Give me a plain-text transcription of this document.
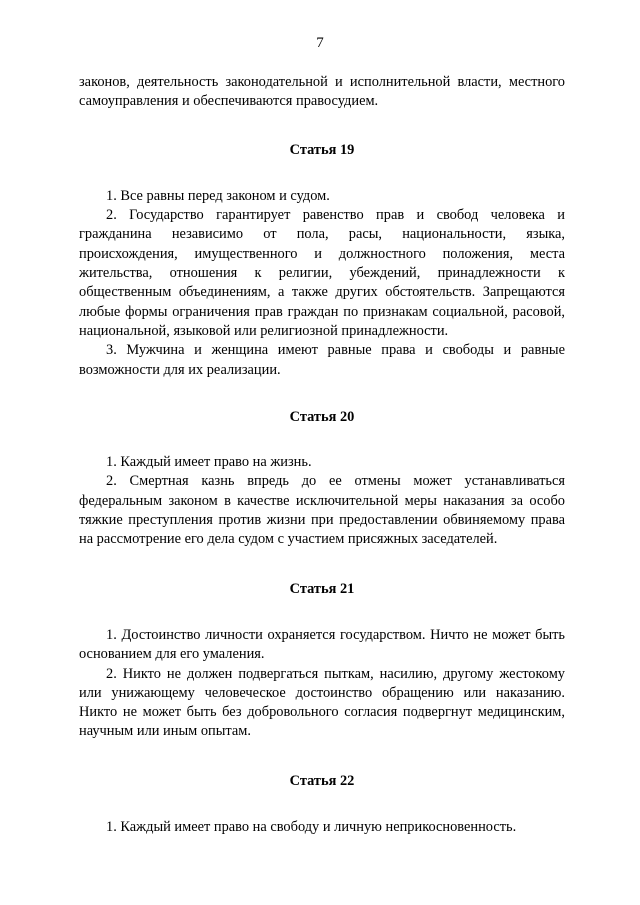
7

законов, деятельность законодательной и исполнительной власти, местного самоуправления и обеспечиваются правосудием.

Статья 19

1. Все равны перед законом и судом.

2. Государство гарантирует равенство прав и свобод человека и гражданина независимо от пола, расы, национальности, языка, происхождения, имущественного и должностного положения, места жительства, отношения к религии, убеждений, принадлежности к общественным объединениям, а также других обстоятельств. Запрещаются любые формы ограничения прав граждан по признакам социальной, расовой, национальной, языковой или религиозной принадлежности.

3. Мужчина и женщина имеют равные права и свободы и равные возможности для их реализации.

Статья 20

1. Каждый имеет право на жизнь.

2. Смертная казнь впредь до ее отмены может устанавливаться федеральным законом в качестве исключительной меры наказания за особо тяжкие преступления против жизни при предоставлении обвиняемому права на рассмотрение его дела судом с участием присяжных заседателей.

Статья 21

1. Достоинство личности охраняется государством. Ничто не может быть основанием для его умаления.

2. Никто не должен подвергаться пыткам, насилию, другому жестокому или унижающему человеческое достоинство обращению или наказанию. Никто не может быть без добровольного согласия подвергнут медицинским, научным или иным опытам.

Статья 22

1. Каждый имеет право на свободу и личную неприкосновенность.
